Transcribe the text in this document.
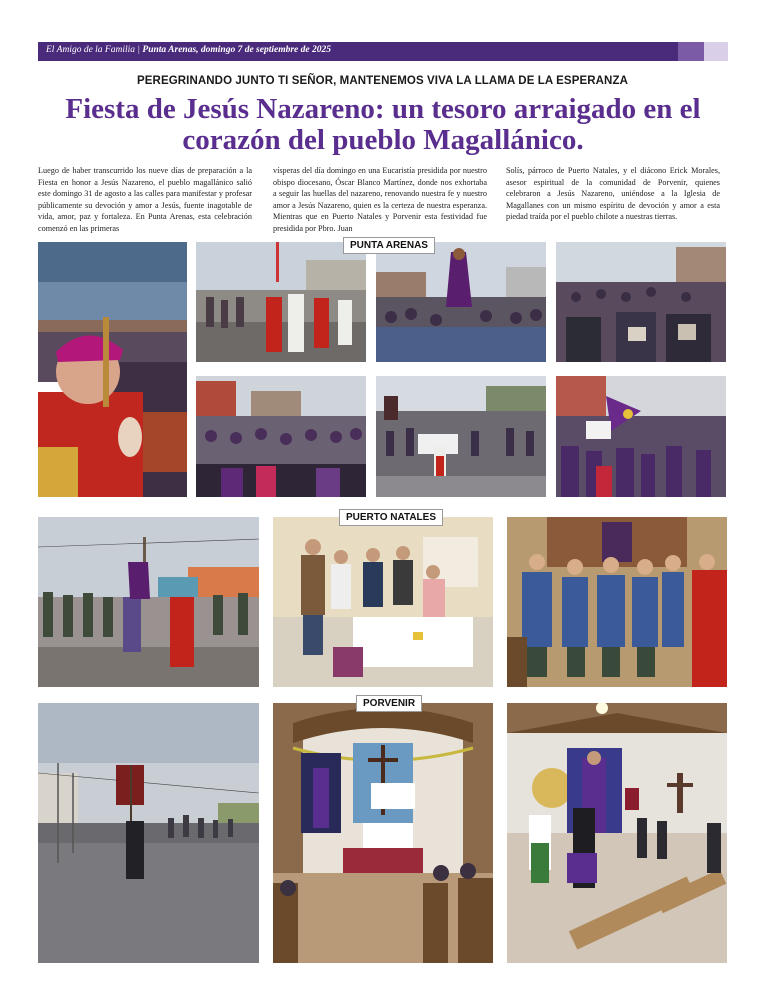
El Amigo de la Familia | Punta Arenas, domingo 7 de septiembre de 2025
PEREGRINANDO JUNTO TI SEÑOR, MANTENEMOS VIVA LA LLAMA DE LA ESPERANZA
Fiesta de Jesús Nazareno: un tesoro arraigado en el corazón del pueblo Magallánico.
Luego de haber transcurrido los nueve días de preparación a la Fiesta en honor a Jesús Nazareno, el pueblo magallánico salió este domingo 31 de agosto a las calles para manifestar y profesar públicamente su devoción y amor a Jesús, fuente inagotable de vida, amor, paz y fortaleza. En Punta Arenas, esta celebración comenzó en las primeras
vísperas del día domingo en una Eucaristía presidida por nuestro obispo diocesano, Óscar Blanco Martínez, donde nos exhortaba a seguir las huellas del nazareno, renovando nuestra fe y nuestro amor a Jesús Nazareno, quien es la certeza de nuestra esperanza. Mientras que en Puerto Natales y Porvenir esta festividad fue presidida por Pbro. Juan
Solís, párroco de Puerto Natales, y el diácono Erick Morales, asesor espiritual de la comunidad de Porvenir, quienes celebraron a Jesús Nazareno, uniéndose a la Iglesia de Magallanes con un mismo espíritu de devoción y amor a esta piedad traída por el pueblo chilote a nuestras tierras.
PUNTA ARENAS
PUERTO NATALES
PORVENIR
